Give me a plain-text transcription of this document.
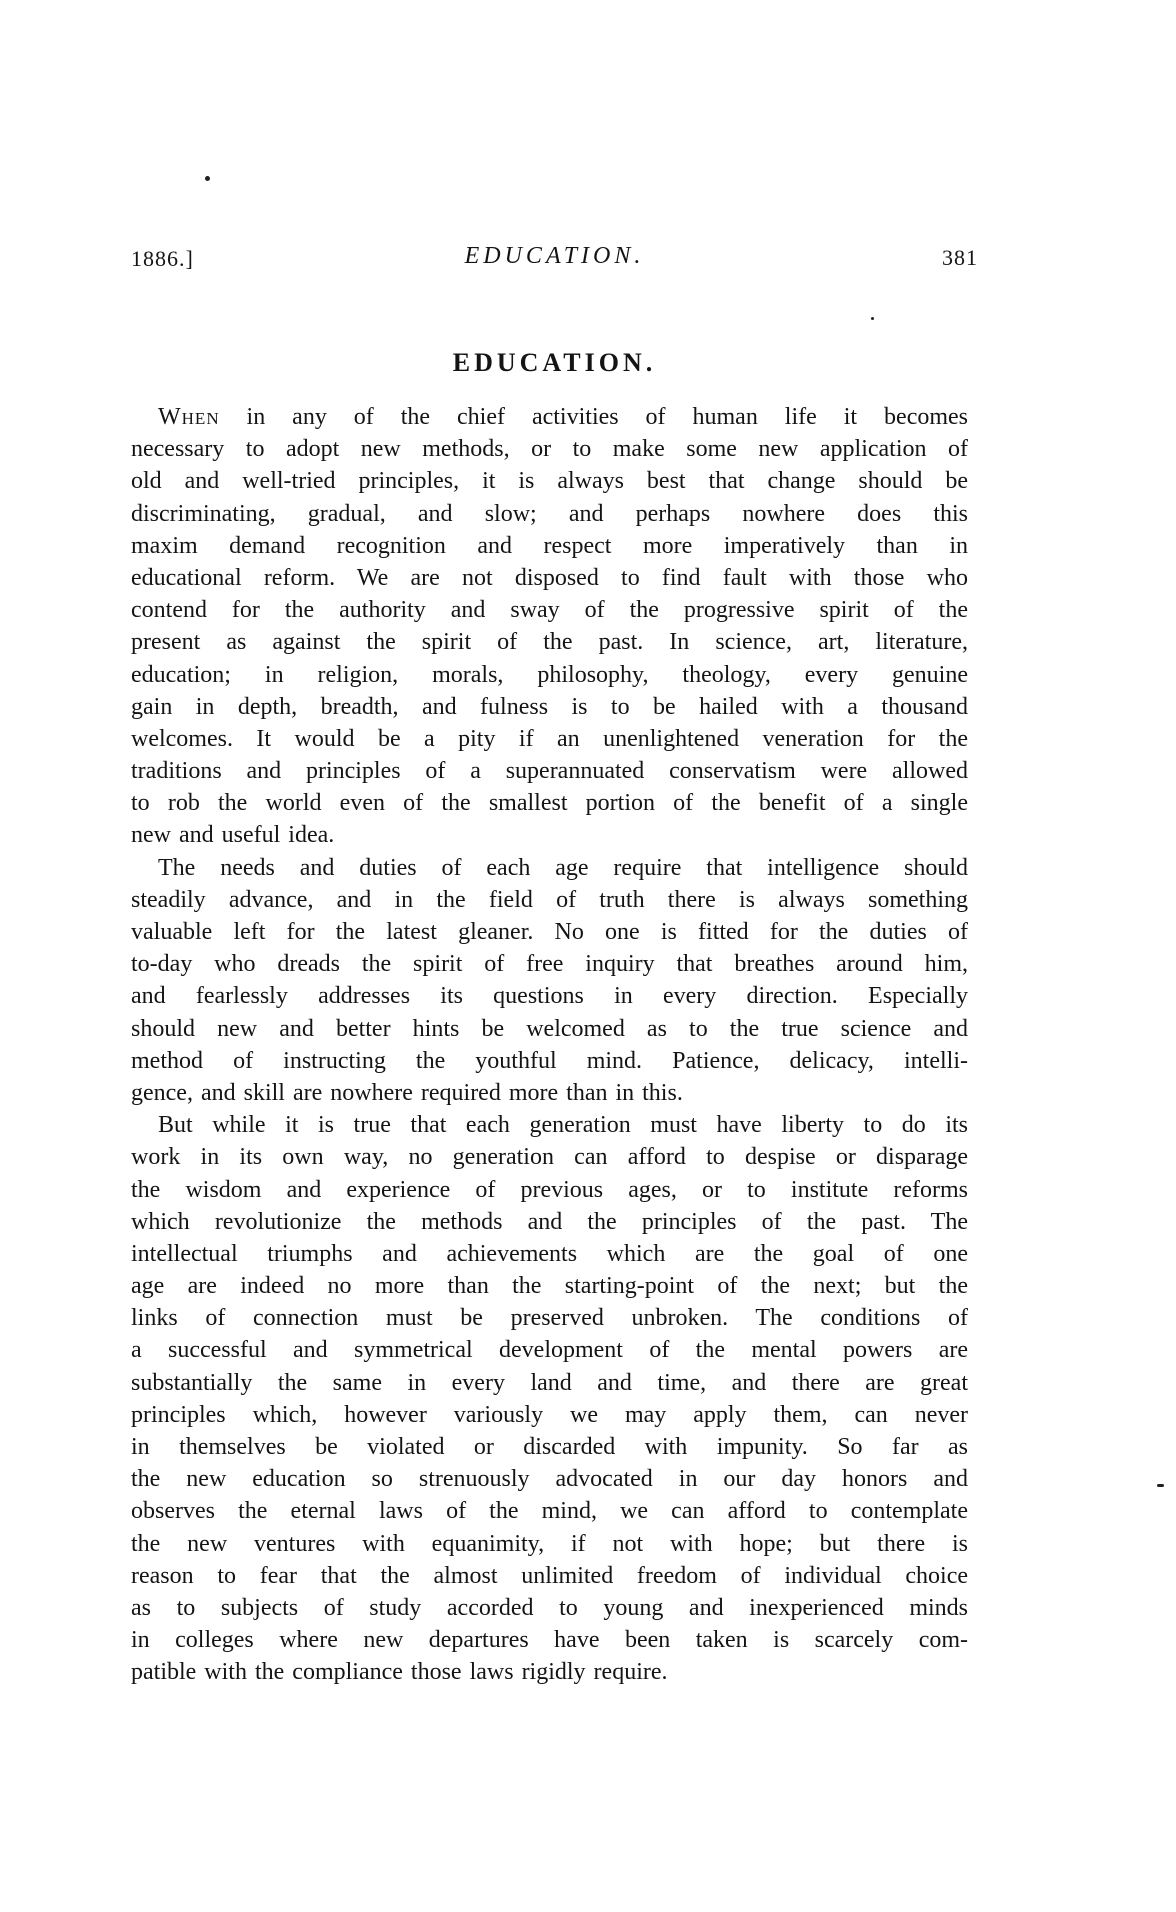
1886.]	EDUCATION.	381
EDUCATION.
When in any of the chief activities of human life it becomes
necessary to adopt new methods, or to make some new application of
old and well-tried principles, it is always best that change should be
discriminating, gradual, and slow; and perhaps nowhere does this
maxim demand recognition and respect more imperatively than in
educational reform. We are not disposed to find fault with those who
contend for the authority and sway of the progressive spirit of the
present as against the spirit of the past. In science, art, literature,
education; in religion, morals, philosophy, theology, every genuine
gain in depth, breadth, and fulness is to be hailed with a thousand
welcomes. It would be a pity if an unenlightened veneration for the
traditions and principles of a superannuated conservatism were allowed
to rob the world even of the smallest portion of the benefit of a single
new and useful idea.
The needs and duties of each age require that intelligence should
steadily advance, and in the field of truth there is always something
valuable left for the latest gleaner. No one is fitted for the duties of
to-day who dreads the spirit of free inquiry that breathes around him,
and fearlessly addresses its questions in every direction. Especially
should new and better hints be welcomed as to the true science and
method of instructing the youthful mind. Patience, delicacy, intelli-
gence, and skill are nowhere required more than in this.
But while it is true that each generation must have liberty to do its
work in its own way, no generation can afford to despise or disparage
the wisdom and experience of previous ages, or to institute reforms
which revolutionize the methods and the principles of the past. The
intellectual triumphs and achievements which are the goal of one
age are indeed no more than the starting-point of the next; but the
links of connection must be preserved unbroken. The conditions of
a successful and symmetrical development of the mental powers are
substantially the same in every land and time, and there are great
principles which, however variously we may apply them, can never
in themselves be violated or discarded with impunity. So far as
the new education so strenuously advocated in our day honors and
observes the eternal laws of the mind, we can afford to contemplate
the new ventures with equanimity, if not with hope; but there is
reason to fear that the almost unlimited freedom of individual choice
as to subjects of study accorded to young and inexperienced minds
in colleges where new departures have been taken is scarcely com-
patible with the compliance those laws rigidly require.
